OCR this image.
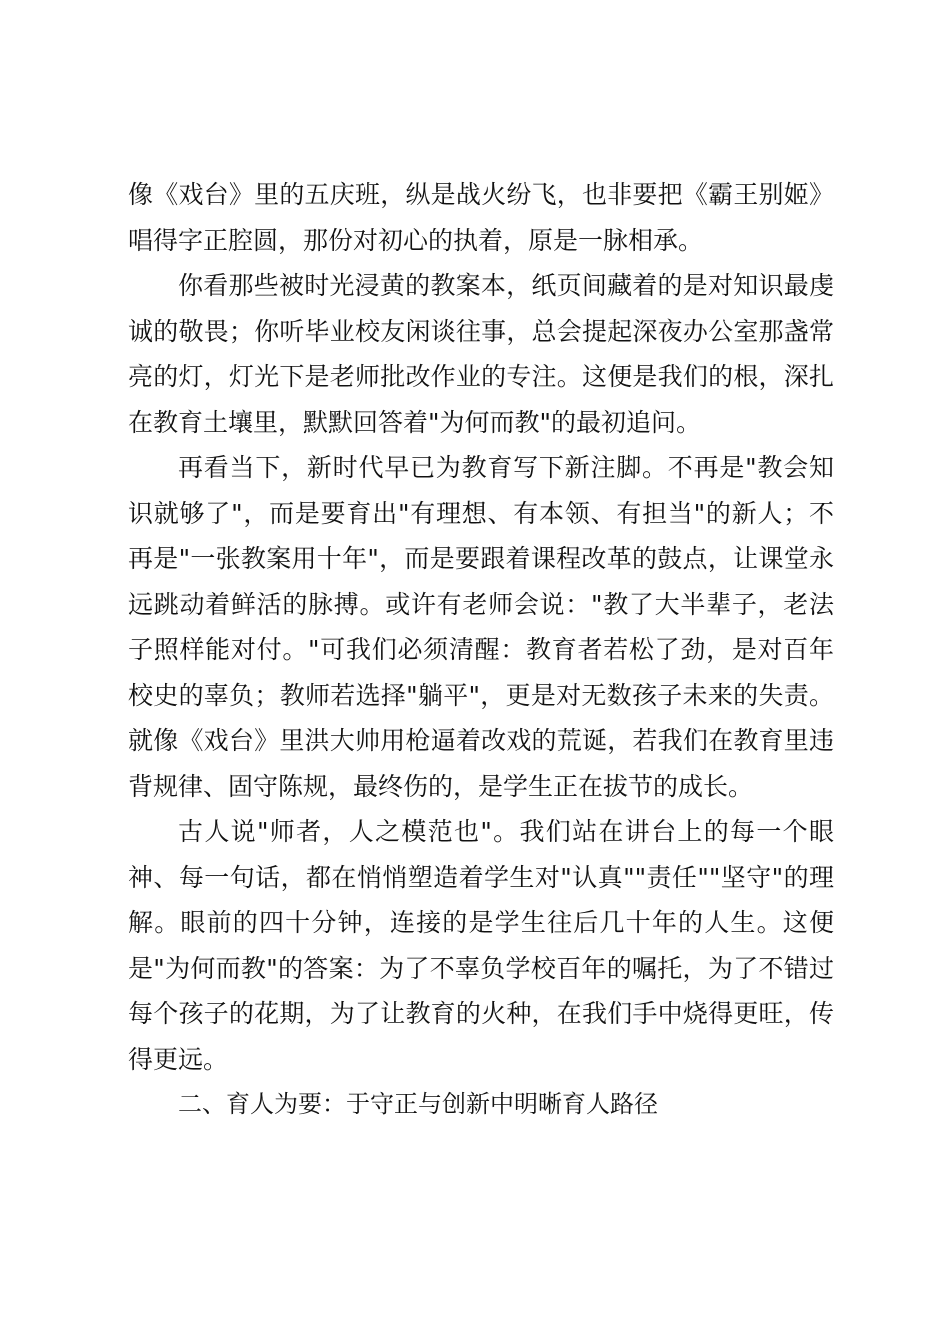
像《戏台》里的五庆班，纵是战火纷飞，也非要把《霸王别姬》唱得字正腔圆，那份对初心的执着，原是一脉相承。

你看那些被时光浸黄的教案本，纸页间藏着的是对知识最虔诚的敬畏；你听毕业校友闲谈往事，总会提起深夜办公室那盏常亮的灯，灯光下是老师批改作业的专注。这便是我们的根，深扎在教育土壤里，默默回答着"为何而教"的最初追问。

再看当下，新时代早已为教育写下新注脚。不再是"教会知识就够了"，而是要育出"有理想、有本领、有担当"的新人；不再是"一张教案用十年"，而是要跟着课程改革的鼓点，让课堂永远跳动着鲜活的脉搏。或许有老师会说："教了大半辈子，老法子照样能对付。"可我们必须清醒：教育者若松了劲，是对百年校史的辜负；教师若选择"躺平"，更是对无数孩子未来的失责。就像《戏台》里洪大帅用枪逼着改戏的荒诞，若我们在教育里违背规律、固守陈规，最终伤的，是学生正在拔节的成长。

古人说"师者，人之模范也"。我们站在讲台上的每一个眼神、每一句话，都在悄悄塑造着学生对"认真""责任""坚守"的理解。眼前的四十分钟，连接的是学生往后几十年的人生。这便是"为何而教"的答案：为了不辜负学校百年的嘱托，为了不错过每个孩子的花期，为了让教育的火种，在我们手中烧得更旺，传得更远。

二、育人为要：于守正与创新中明晰育人路径
